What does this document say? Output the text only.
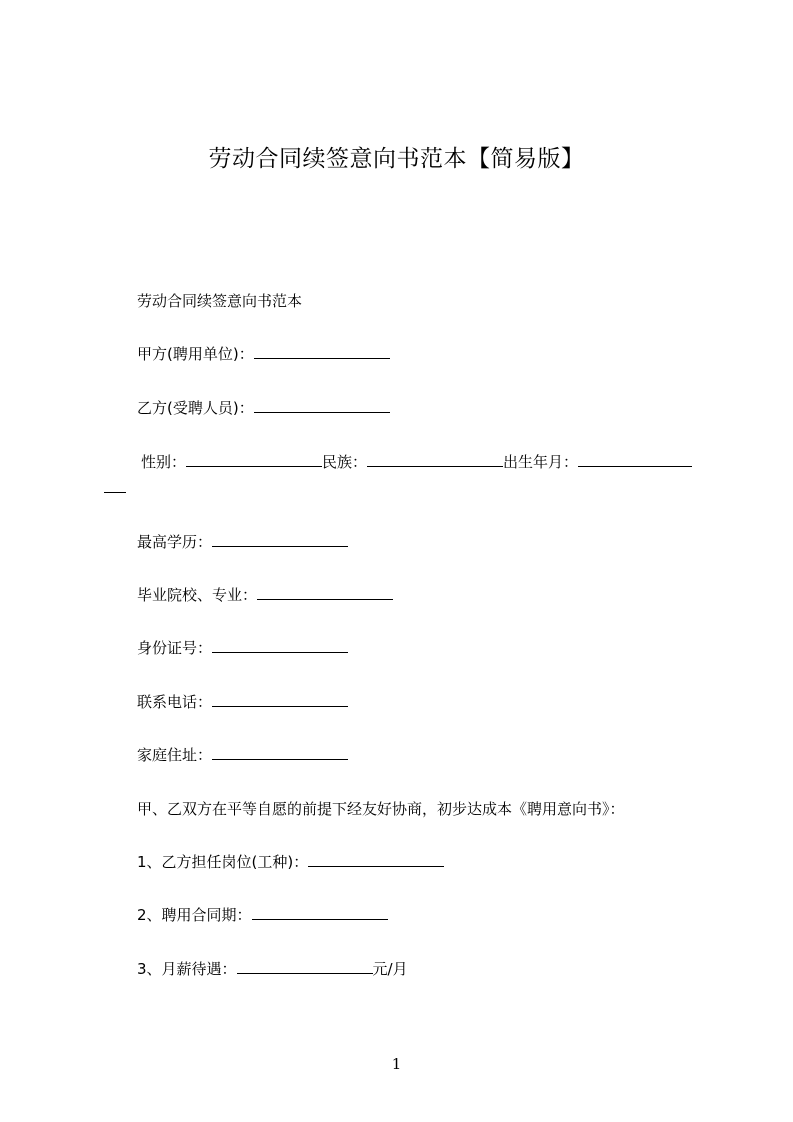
劳动合同续签意向书范本【简易版】
劳动合同续签意向书范本
甲方(聘用单位)：
乙方(受聘人员)：
性别：	民族：	出生年月：
最高学历：
毕业院校、专业：
身份证号：
联系电话：
家庭住址：
甲、乙双方在平等自愿的前提下经友好协商，初步达成本《聘用意向书》：
1、乙方担任岗位(工种)：
2、聘用合同期：
3、月薪待遇：	元/月
1
